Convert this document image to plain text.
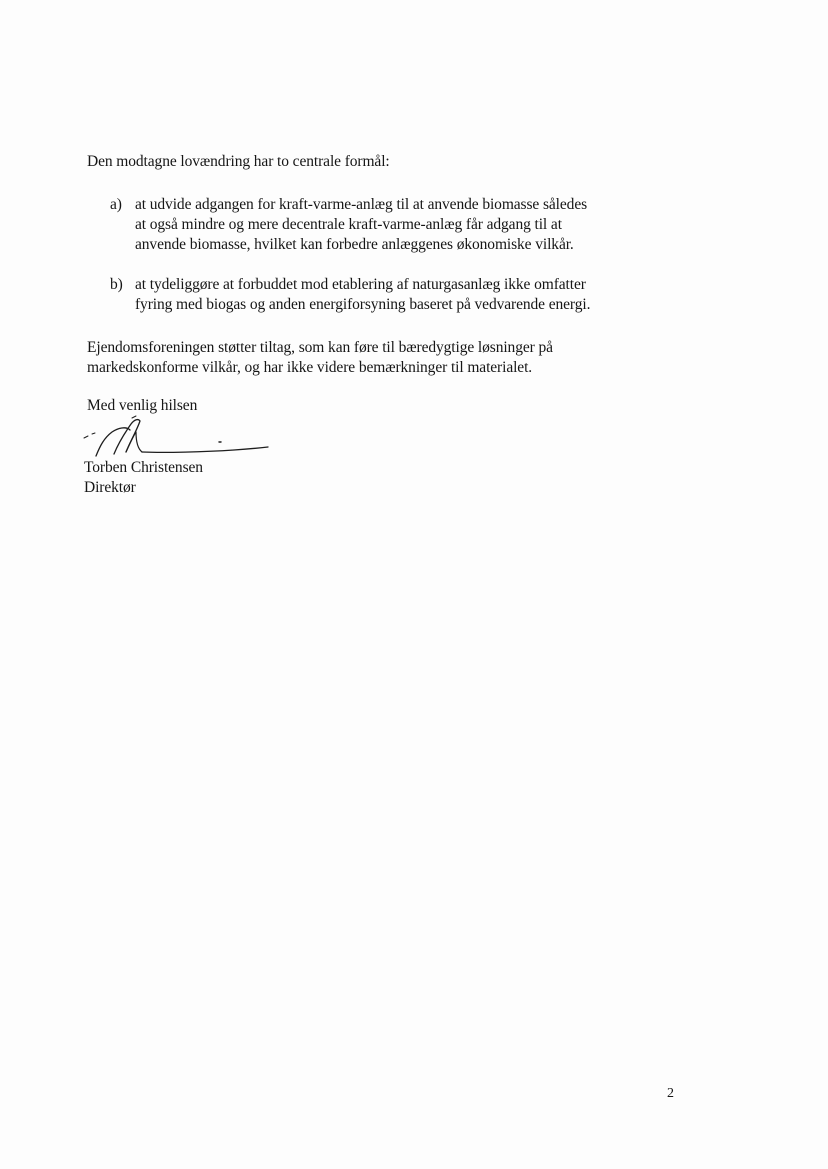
Den modtagne lovændring har to centrale formål:
a) at udvide adgangen for kraft-varme-anlæg til at anvende biomasse således
at også mindre og mere decentrale kraft-varme-anlæg får adgang til at
anvende biomasse, hvilket kan forbedre anlæggenes økonomiske vilkår.
b) at tydeliggøre at forbuddet mod etablering af naturgasanlæg ikke omfatter
fyring med biogas og anden energiforsyning baseret på vedvarende energi.
Ejendomsforeningen støtter tiltag, som kan føre til bæredygtige løsninger på
markedskonforme vilkår, og har ikke videre bemærkninger til materialet.
Med venlig hilsen
Torben Christensen
Direktør
2
